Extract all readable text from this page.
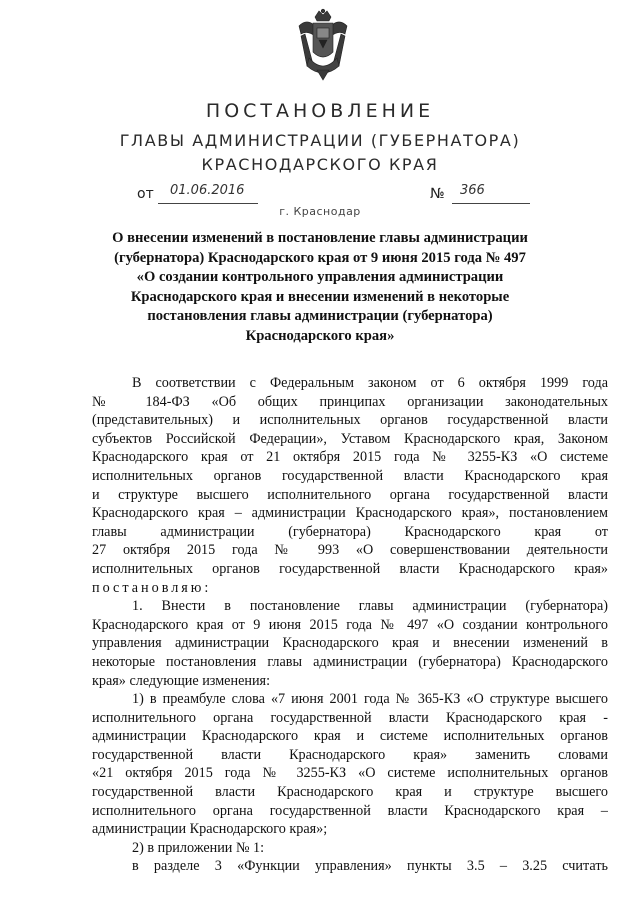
ПОСТАНОВЛЕНИЕ
ГЛАВЫ АДМИНИСТРАЦИИ (ГУБЕРНАТОРА)
КРАСНОДАРСКОГО КРАЯ
от 01.06.2016	№ 366
г. Краснодар
О внесении изменений в постановление главы администрации
(губернатора) Краснодарского края от 9 июня 2015 года № 497
«О создании контрольного управления администрации
Краснодарского края и внесении изменений в некоторые
постановления главы администрации (губернатора)
Краснодарского края»
В соответствии с Федеральным законом от 6 октября 1999 года
№ 184-ФЗ «Об общих принципах организации законодательных
(представительных) и исполнительных органов государственной власти
субъектов Российской Федерации», Уставом Краснодарского края, Законом
Краснодарского края от 21 октября 2015 года № 3255-КЗ «О системе
исполнительных органов государственной власти Краснодарского края
и структуре высшего исполнительного органа государственной власти
Краснодарского края – администрации Краснодарского края», постановлением
главы администрации (губернатора) Краснодарского края от
27 октября 2015 года № 993 «О совершенствовании деятельности
исполнительных органов государственной власти Краснодарского края»
постановляю:
1. Внести в постановление главы администрации (губернатора)
Краснодарского края от 9 июня 2015 года № 497 «О создании контрольного
управления администрации Краснодарского края и внесении изменений в
некоторые постановления главы администрации (губернатора) Краснодарского
края» следующие изменения:
1) в преамбуле слова «7 июня 2001 года № 365-КЗ «О структуре высшего
исполнительного органа государственной власти Краснодарского края -
администрации Краснодарского края и системе исполнительных органов
государственной власти Краснодарского края» заменить словами
«21 октября 2015 года № 3255-КЗ «О системе исполнительных органов
государственной власти Краснодарского края и структуре высшего
исполнительного органа государственной власти Краснодарского края –
администрации Краснодарского края»;
2) в приложении № 1:
в разделе 3 «Функции управления» пункты 3.5 – 3.25 считать
